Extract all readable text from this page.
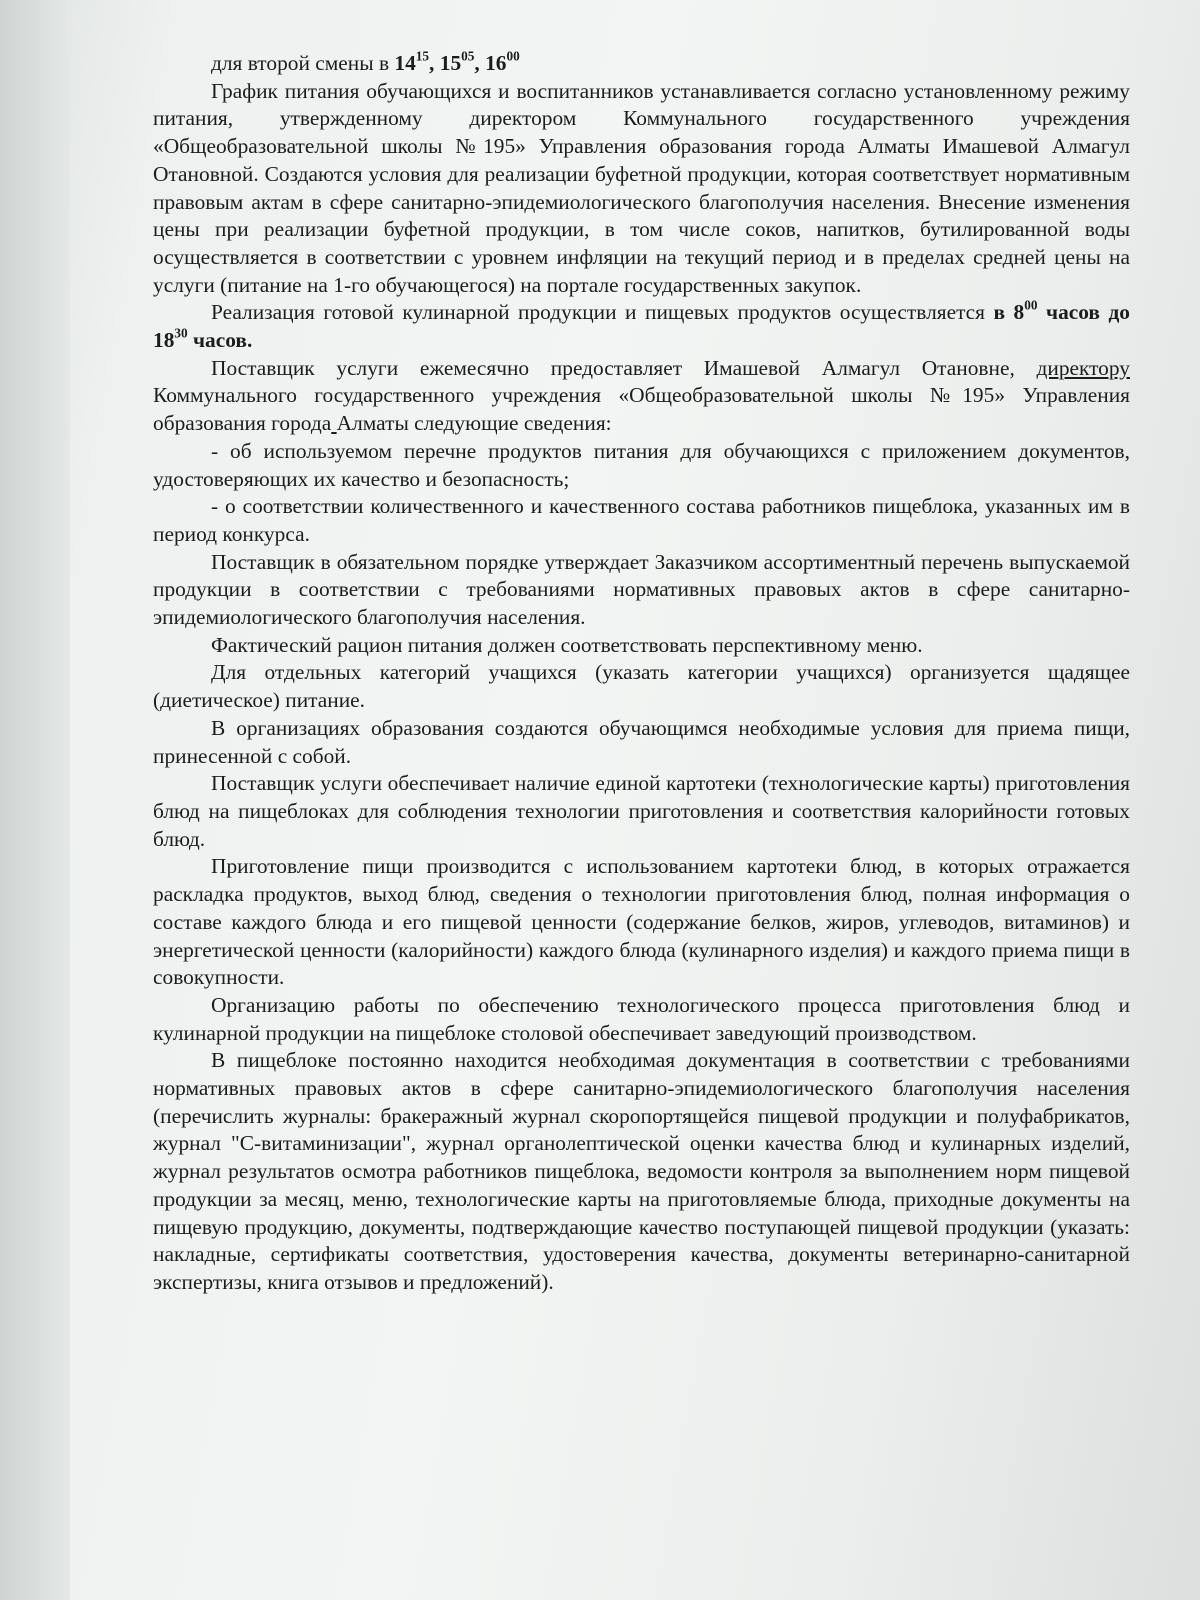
для второй смены в $14^{15}$, $15^{05}$, $16^{00}$

График питания обучающихся и воспитанников устанавливается согласно установленному режиму питания, утвержденному директором Коммунального государственного учреждения «Общеобразовательной школы №195» Управления образования города Алматы Имашевой Алмагул Отановной. Создаются условия для реализации буфетной продукции, которая соответствует нормативным правовым актам в сфере санитарно-эпидемиологического благополучия населения. Внесение изменения цены при реализации буфетной продукции, в том числе соков, напитков, бутилированной воды осуществляется в соответствии с уровнем инфляции на текущий период и в пределах средней цены на услуги (питание на 1-го обучающегося) на портале государственных закупок.

Реализация готовой кулинарной продукции и пищевых продуктов осуществляется в $8^{00}$ часов до $18^{30}$ часов.

Поставщик услуги ежемесячно предоставляет Имашевой Алмагул Отановне, директору Коммунального государственного учреждения «Общеобразовательной школы №195» Управления образования города Алматы следующие сведения:

- об используемом перечне продуктов питания для обучающихся с приложением документов, удостоверяющих их качество и безопасность;

- о соответствии количественного и качественного состава работников пищеблока, указанных им в период конкурса.

Поставщик в обязательном порядке утверждает Заказчиком ассортиментный перечень выпускаемой продукции в соответствии с требованиями нормативных правовых актов в сфере санитарно-эпидемиологического благополучия населения.

Фактический рацион питания должен соответствовать перспективному меню.

Для отдельных категорий учащихся (указать категории учащихся) организуется щадящее (диетическое) питание.

В организациях образования создаются обучающимся необходимые условия для приема пищи, принесенной с собой.

Поставщик услуги обеспечивает наличие единой картотеки (технологические карты) приготовления блюд на пищеблоках для соблюдения технологии приготовления и соответствия калорийности готовых блюд.

Приготовление пищи производится с использованием картотеки блюд, в которых отражается раскладка продуктов, выход блюд, сведения о технологии приготовления блюд, полная информация о составе каждого блюда и его пищевой ценности (содержание белков, жиров, углеводов, витаминов) и энергетической ценности (калорийности) каждого блюда (кулинарного изделия) и каждого приема пищи в совокупности.

Организацию работы по обеспечению технологического процесса приготовления блюд и кулинарной продукции на пищеблоке столовой обеспечивает заведующий производством.

В пищеблоке постоянно находится необходимая документация в соответствии с требованиями нормативных правовых актов в сфере санитарно-эпидемиологического благополучия населения (перечислить журналы: бракеражный журнал скоропортящейся пищевой продукции и полуфабрикатов, журнал "С-витаминизации", журнал органолептической оценки качества блюд и кулинарных изделий, журнал результатов осмотра работников пищеблока, ведомости контроля за выполнением норм пищевой продукции за месяц, меню, технологические карты на приготовляемые блюда, приходные документы на пищевую продукцию, документы, подтверждающие качество поступающей пищевой продукции (указать: накладные, сертификаты соответствия, удостоверения качества, документы ветеринарно-санитарной экспертизы, книга отзывов и предложений).
